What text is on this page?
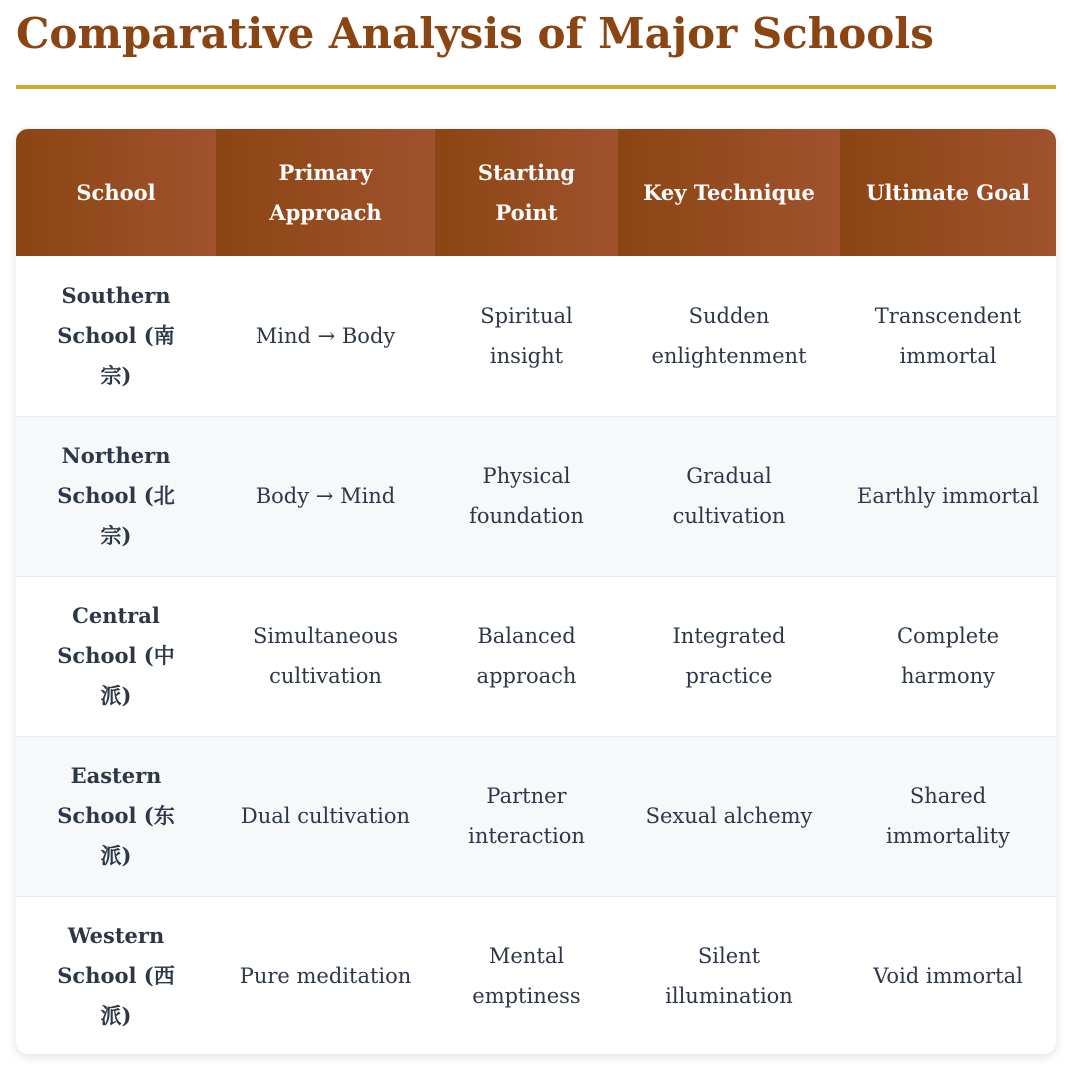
Comparative Analysis of Major Schools
School	Primary Approach	Starting Point	Key Technique	Ultimate Goal
Southern School (南宗)	Mind → Body	Spiritual insight	Sudden enlightenment	Transcendent immortal
Northern School (北宗)	Body → Mind	Physical foundation	Gradual cultivation	Earthly immortal
Central School (中派)	Simultaneous cultivation	Balanced approach	Integrated practice	Complete harmony
Eastern School (东派)	Dual cultivation	Partner interaction	Sexual alchemy	Shared immortality
Western School (西派)	Pure meditation	Mental emptiness	Silent illumination	Void immortal
